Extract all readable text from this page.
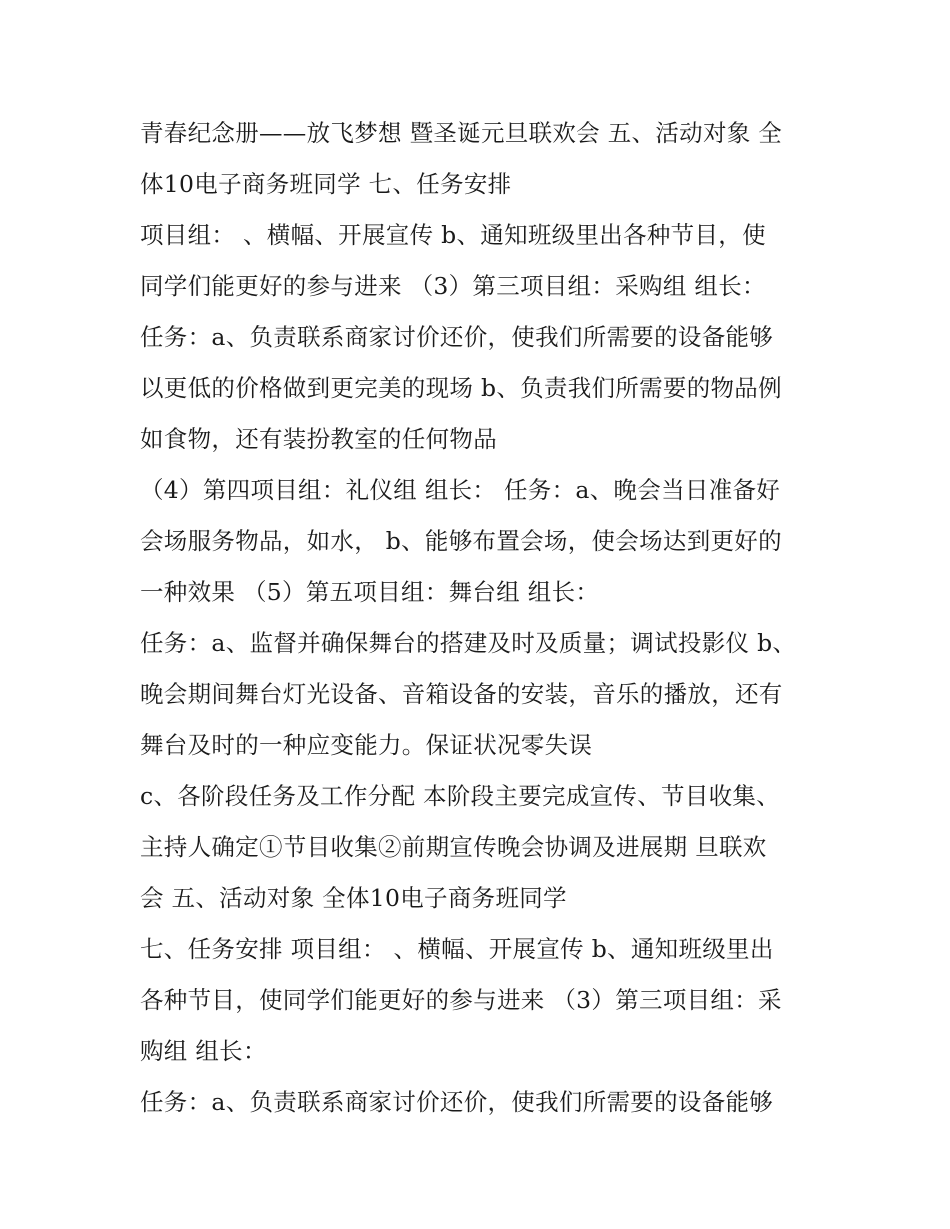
青春纪念册——放飞梦想 暨圣诞元旦联欢会 五、活动对象 全
体10电子商务班同学 七、任务安排
项目组： 、横幅、开展宣传 b、通知班级里出各种节目，使
同学们能更好的参与进来 （3）第三项目组：采购组 组长：
任务：a、负责联系商家讨价还价，使我们所需要的设备能够
以更低的价格做到更完美的现场 b、负责我们所需要的物品例
如食物，还有装扮教室的任何物品
（4）第四项目组：礼仪组 组长： 任务：a、晚会当日准备好
会场服务物品，如水， b、能够布置会场，使会场达到更好的
一种效果 （5）第五项目组：舞台组 组长：
任务：a、监督并确保舞台的搭建及时及质量；调试投影仪 b、
晚会期间舞台灯光设备、音箱设备的安装，音乐的播放，还有
舞台及时的一种应变能力。保证状况零失误
c、各阶段任务及工作分配 本阶段主要完成宣传、节目收集、
主持人确定①节目收集②前期宣传晚会协调及进展期 旦联欢
会 五、活动对象 全体10电子商务班同学
七、任务安排 项目组： 、横幅、开展宣传 b、通知班级里出
各种节目，使同学们能更好的参与进来 （3）第三项目组：采
购组 组长：
任务：a、负责联系商家讨价还价，使我们所需要的设备能够
